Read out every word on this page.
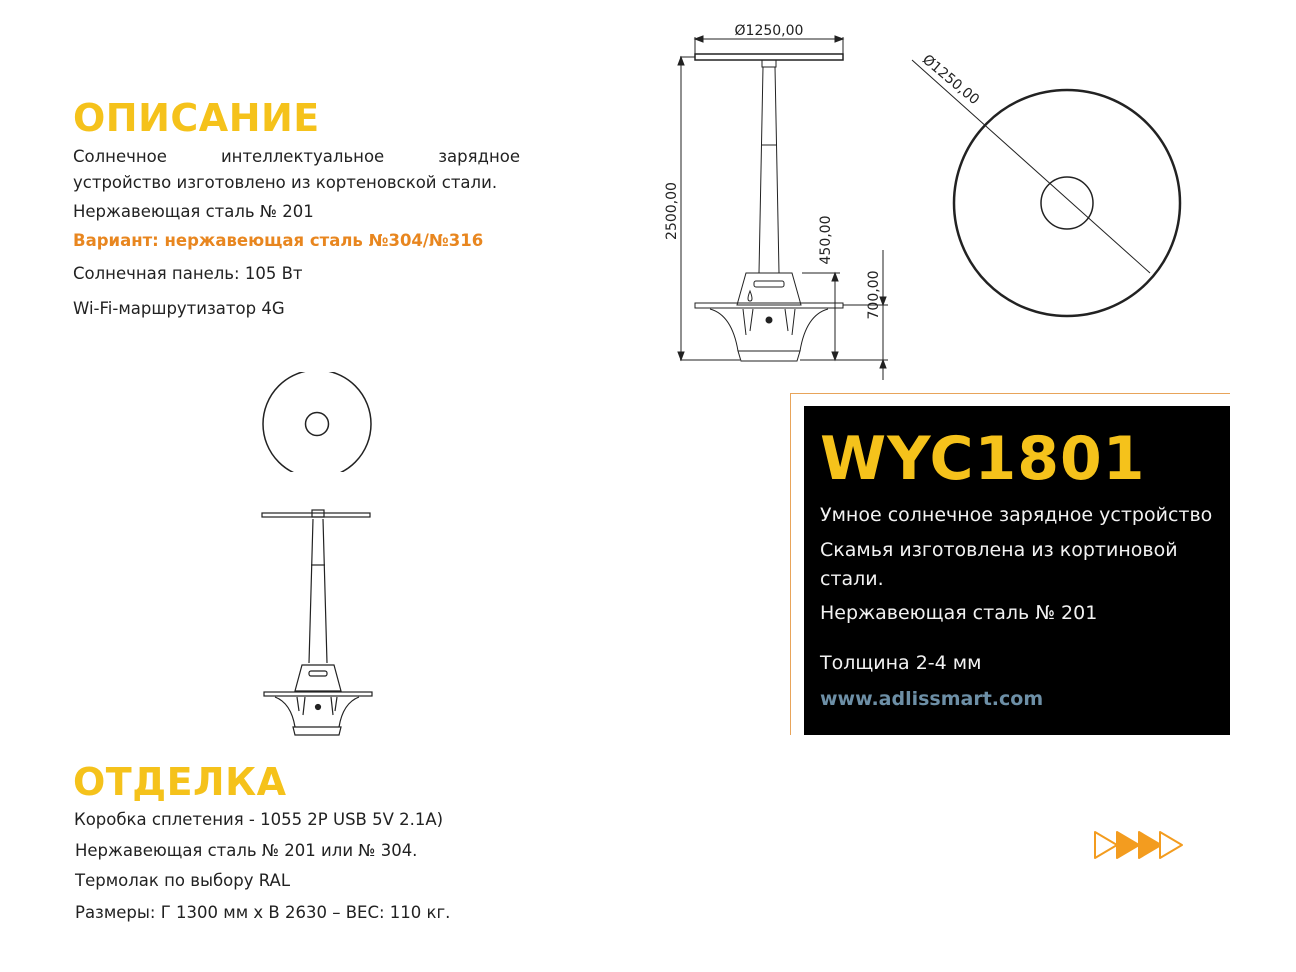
ОПИСАНИЕ
Солнечное	интеллектуальное	зарядное
устройство изготовлено из кортеновской стали.
Нержавеющая сталь № 201
Вариант: нержавеющая сталь №304/№316
Солнечная панель: 105 Вт
Wi-Fi-маршрутизатор 4G
ОТДЕЛКА
Коробка сплетения - 1055 2P USB 5V 2.1A)
Нержавеющая сталь № 201 или № 304.
Термолак по выбору RAL
Размеры: Г 1300 мм х В 2630 – ВЕС: 110 кг.
Ø1250,00
2500,00
450,00
700,00
Ø1250,00
WYC1801
Умное солнечное зарядное устройство
Скамья изготовлена из кортиновой
стали.
Нержавеющая сталь № 201
Толщина 2-4 мм
www.adlissmart.com
